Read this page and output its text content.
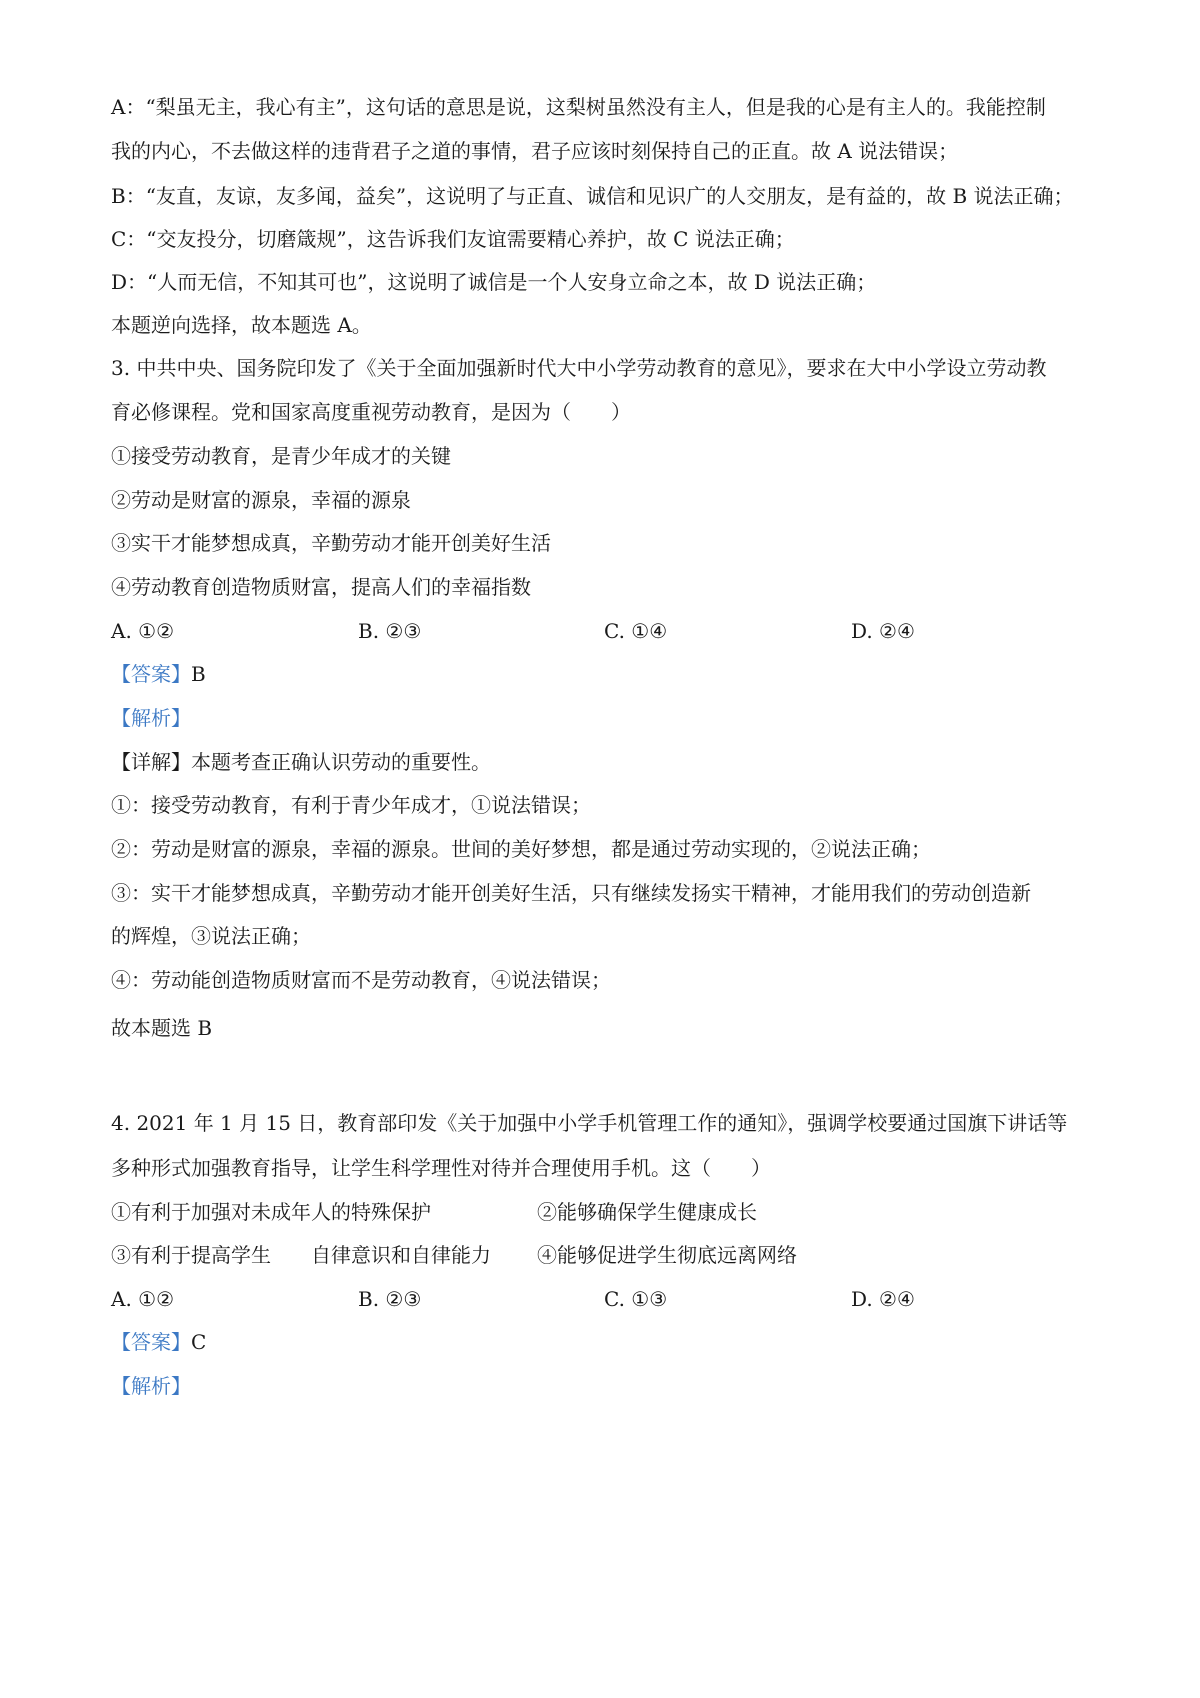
A：“梨虽无主，我心有主”，这句话的意思是说，这梨树虽然没有主人，但是我的心是有主人的。我能控制
我的内心，不去做这样的违背君子之道的事情，君子应该时刻保持自己的正直。故 A 说法错误；
B：“友直，友谅，友多闻，益矣”，这说明了与正直、诚信和见识广的人交朋友，是有益的，故 B 说法正确；
C：“交友投分，切磨箴规”，这告诉我们友谊需要精心养护，故 C 说法正确；
D：“人而无信，不知其可也”，这说明了诚信是一个人安身立命之本，故 D 说法正确；
本题逆向选择，故本题选 A。
3. 中共中央、国务院印发了《关于全面加强新时代大中小学劳动教育的意见》，要求在大中小学设立劳动教
育必修课程。党和国家高度重视劳动教育，是因为（　　）
①接受劳动教育，是青少年成才的关键
②劳动是财富的源泉，幸福的源泉
③实干才能梦想成真，辛勤劳动才能开创美好生活
④劳动教育创造物质财富，提高人们的幸福指数
A. ①②	B. ②③	C. ①④	D. ②④
【答案】B
【解析】
【详解】本题考查正确认识劳动的重要性。
①：接受劳动教育，有利于青少年成才，①说法错误；
②：劳动是财富的源泉，幸福的源泉。世间的美好梦想，都是通过劳动实现的，②说法正确；
③：实干才能梦想成真，辛勤劳动才能开创美好生活，只有继续发扬实干精神，才能用我们的劳动创造新
的辉煌，③说法正确；
④：劳动能创造物质财富而不是劳动教育，④说法错误；
故本题选 B
4. 2021 年 1 月 15 日，教育部印发《关于加强中小学手机管理工作的通知》，强调学校要通过国旗下讲话等
多种形式加强教育指导，让学生科学理性对待并合理使用手机。这（　　）
①有利于加强对未成年人的特殊保护	②能够确保学生健康成长
③有利于提高学生 自律意识和自律能力 ④能够促进学生彻底远离网络
A. ①②	B. ②③	C. ①③	D. ②④
【答案】C
【解析】
